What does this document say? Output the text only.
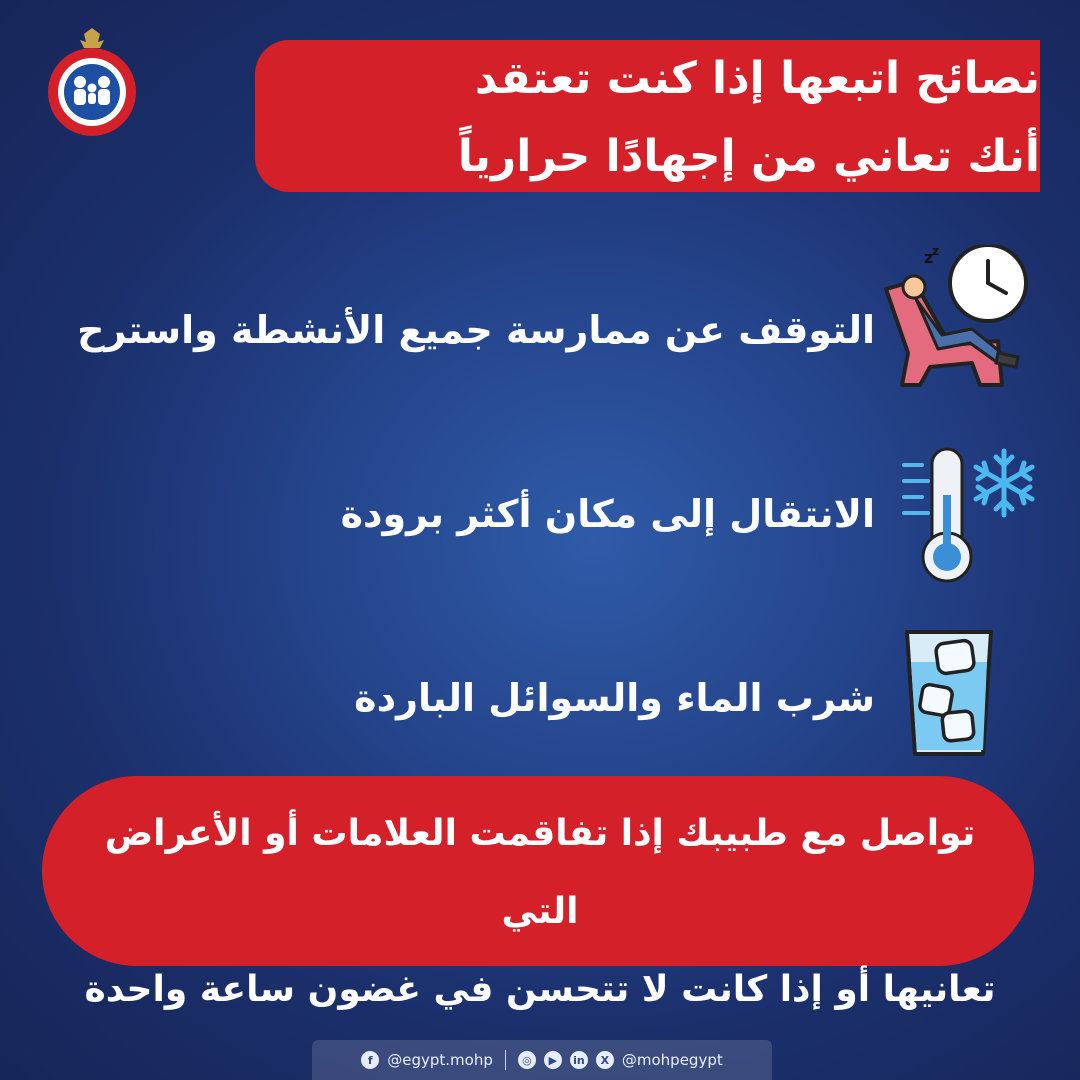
نصائح اتبعها إذا كنت تعتقد
أنك تعاني من إجهادًا حرارياً
التوقف عن ممارسة جميع الأنشطة واسترح
z
z
الانتقال إلى مكان أكثر برودة
شرب الماء والسوائل الباردة
تواصل مع طبيبك إذا تفاقمت العلامات أو الأعراض التي
تعانيها أو إذا كانت لا تتحسن في غضون ساعة واحدة
f @egypt.mohp	◎	▶	in	X @mohpegypt
